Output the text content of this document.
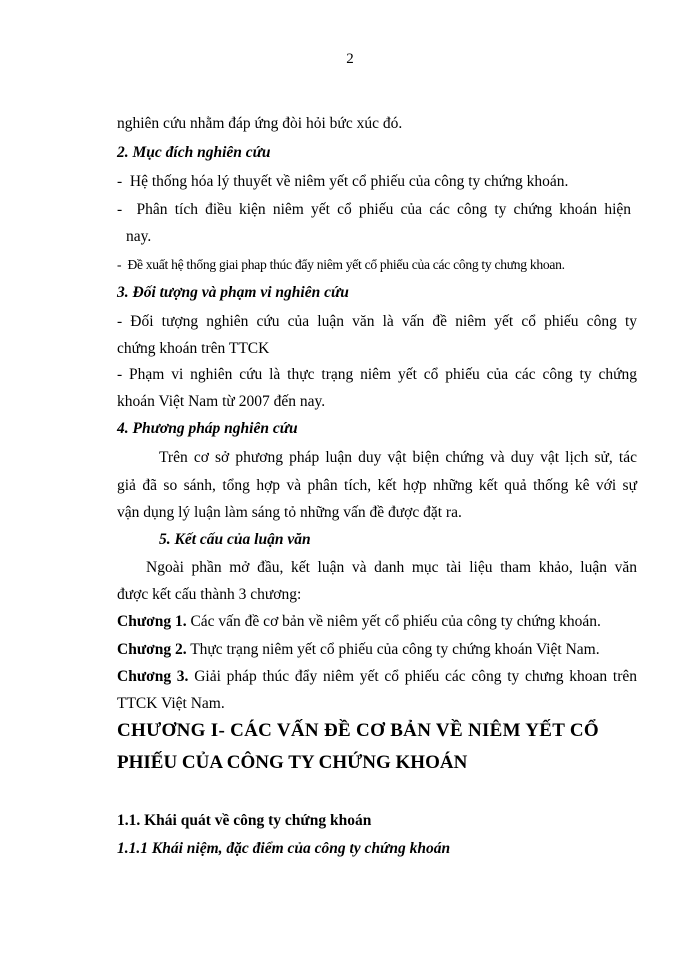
2
nghiên cứu nhằm đáp ứng đòi hỏi bức xúc đó.
2. Mục đích nghiên cứu
- Hệ thống hóa lý thuyết về niêm yết cổ phiếu của công ty chứng khoán.
- Phân tích điều kiện niêm yết cổ phiếu của các công ty chứng khoán hiện
nay.
- Đề xuất hệ thống giai phap thúc đẩy niêm yết cổ phiếu của các công ty chưng khoan.
3. Đối tượng và phạm vi nghiên cứu
- Đối tượng nghiên cứu của luận văn là vấn đề niêm yết cổ phiếu công ty
chứng khoán trên TTCK
- Phạm vi nghiên cứu là thực trạng niêm yết cổ phiếu của các công ty chứng
khoán Việt Nam từ 2007 đến nay.
4. Phương pháp nghiên cứu
Trên cơ sở phương pháp luận duy vật biện chứng và duy vật lịch sử, tác
giả đã so sánh, tổng hợp và phân tích, kết hợp những kết quả thống kê với sự
vận dụng lý luận làm sáng tỏ những vấn đề được đặt ra.
5. Kết cấu của luận văn
Ngoài phần mở đầu, kết luận và danh mục tài liệu tham khảo, luận văn
được kết cấu thành 3 chương:
Chương 1. Các vấn đề cơ bản về niêm yết cổ phiếu của công ty chứng khoán.
Chương 2. Thực trạng niêm yết cổ phiếu của công ty chứng khoán Việt Nam.
Chương 3. Giải pháp thúc đẩy niêm yết cổ phiếu các công ty chưng khoan trên
TTCK Việt Nam.
CHƯƠNG I- CÁC VẤN ĐỀ CƠ BẢN VỀ NIÊM YẾT CỔ
PHIẾU CỦA CÔNG TY CHỨNG KHOÁN
1.1. Khái quát về công ty chứng khoán
1.1.1 Khái niệm, đặc điểm của công ty chứng khoán
